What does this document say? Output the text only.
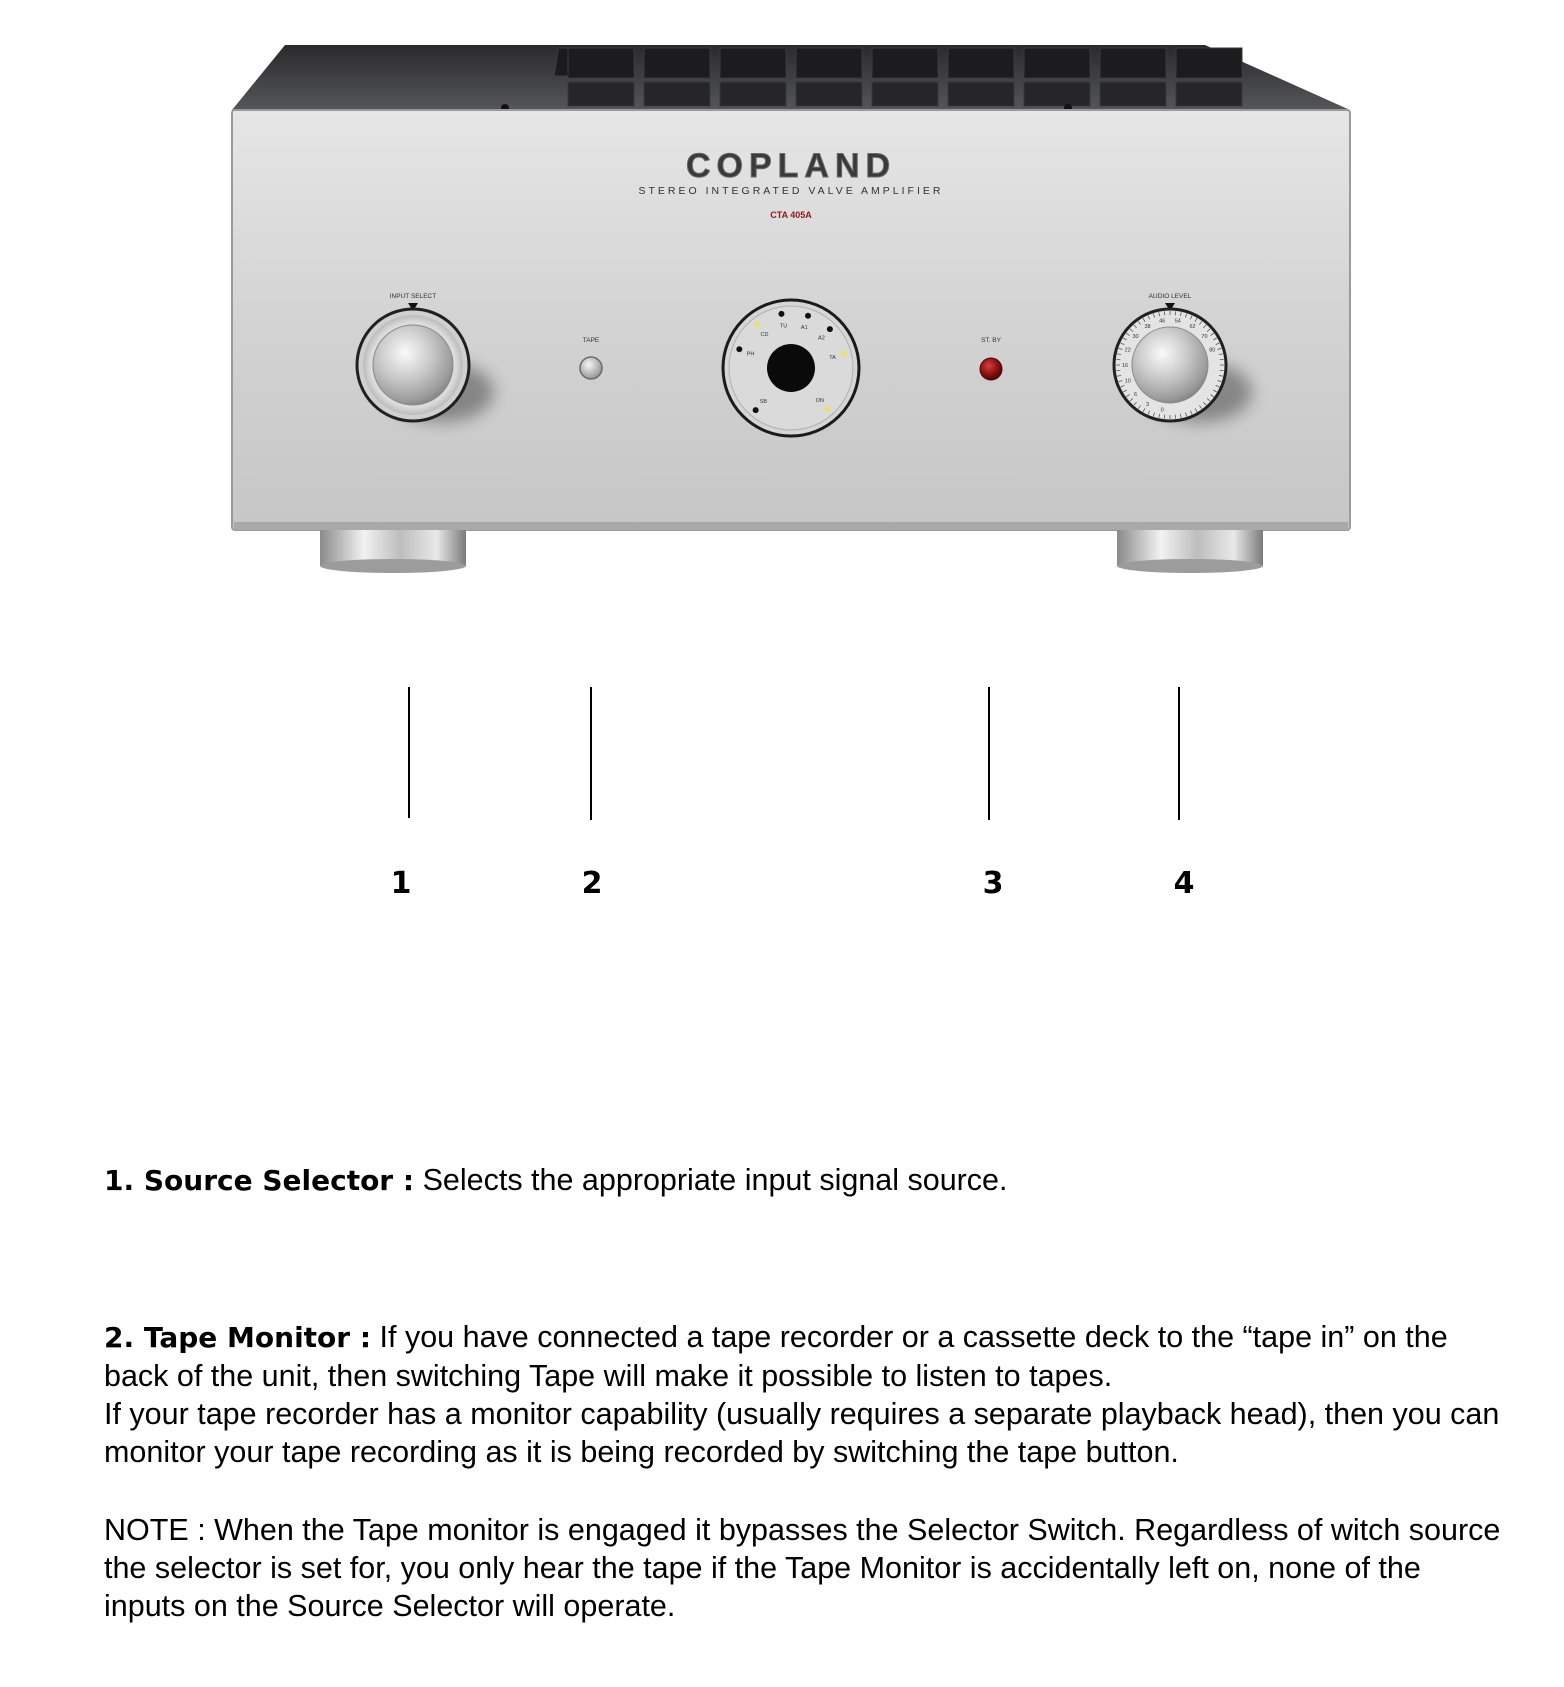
COPLAND
STEREO INTEGRATED VALVE AMPLIFIER
CTA 405A
INPUT SELECT
TAPE
TU A1
CD
A2
PH
TA
SB	ON
ST. BY
AUDIO LEVEL
46 54
62
70
80
38
30
22
16
10
6
3
0
1	2	3	4

1. Source Selector : Selects the appropriate input signal source.

2. Tape Monitor : If you have connected a tape recorder or a cassette deck to the “tape in” on the back of the unit, then switching Tape will make it possible to listen to tapes.

If your tape recorder has a monitor capability (usually requires a separate playback head), then you can monitor your tape recording as it is being recorded by switching the tape button.

NOTE : When the Tape monitor is engaged it bypasses the Selector Switch. Regardless of witch source the selector is set for, you only hear the tape if the Tape Monitor is accidentally left on, none of the inputs on the Source Selector will operate.
